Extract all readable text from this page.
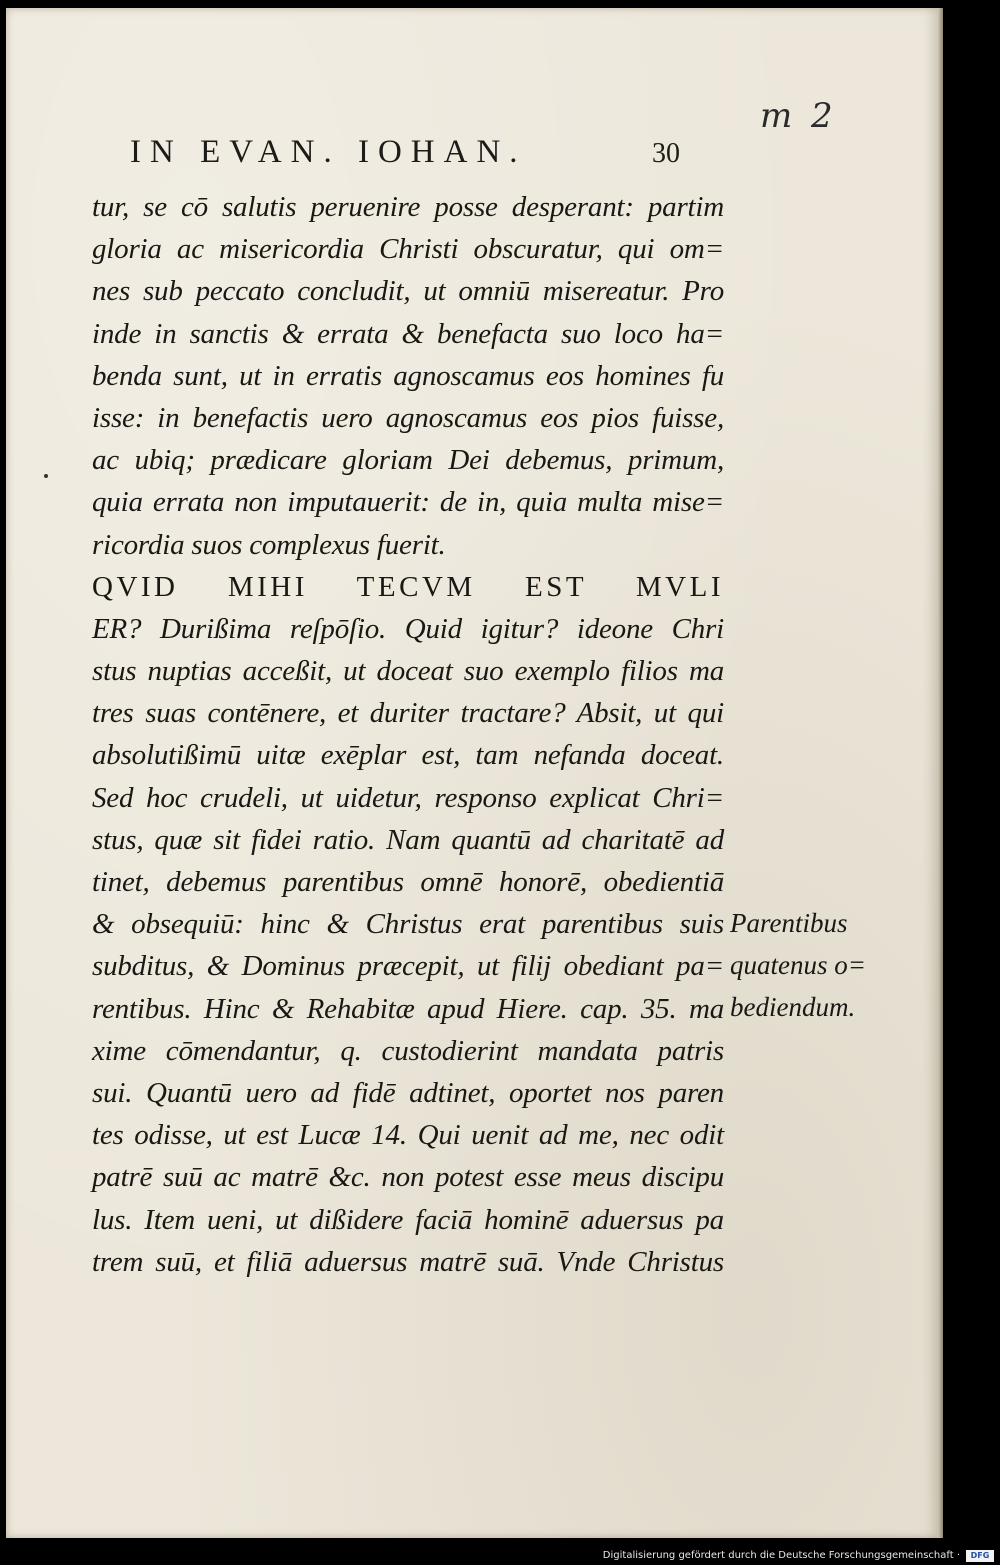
m 2
IN EVAN. IOHAN.	30
tur, se cō salutis peruenire posse desperant: partim
gloria ac misericordia Christi obscuratur, qui om=
nes sub peccato concludit, ut omniū misereatur. Pro
inde in sanctis & errata & benefacta suo loco ha=
benda sunt, ut in erratis agnoscamus eos homines fu
isse: in benefactis uero agnoscamus eos pios fuisse,
ac ubiq; prædicare gloriam Dei debemus, primum,
quia errata non imputauerit: de in, quia multa mise=
ricordia suos complexus fuerit.
QVID MIHI TECVM EST MVLI
ER? Durißima reſpōſio. Quid igitur? ideone Chri
stus nuptias acceßit, ut doceat suo exemplo filios ma
tres suas contēnere, et duriter tractare? Absit, ut qui
absolutißimū uitæ exēplar est, tam nefanda doceat.
Sed hoc crudeli, ut uidetur, responso explicat Chri=
stus, quæ sit fidei ratio. Nam quantū ad charitatē ad
tinet, debemus parentibus omnē honorē, obedientiā
& obsequiū: hinc & Christus erat parentibus suis
subditus, & Dominus præcepit, ut filij obediant pa=
rentibus. Hinc & Rehabitæ apud Hiere. cap. 35. ma
xime cōmendantur, q. custodierint mandata patris
sui. Quantū uero ad fidē adtinet, oportet nos paren
tes odisse, ut est Lucæ 14. Qui uenit ad me, nec odit
patrē suū ac matrē &c. non potest esse meus discipu
lus. Item ueni, ut dißidere faciā hominē aduersus pa
trem suū, et filiā aduersus matrē suā. Vnde Christus
Parentibus
quatenus o=
bediendum.
Digitalisierung gefördert durch die Deutsche Forschungsgemeinschaft ·	DFG
